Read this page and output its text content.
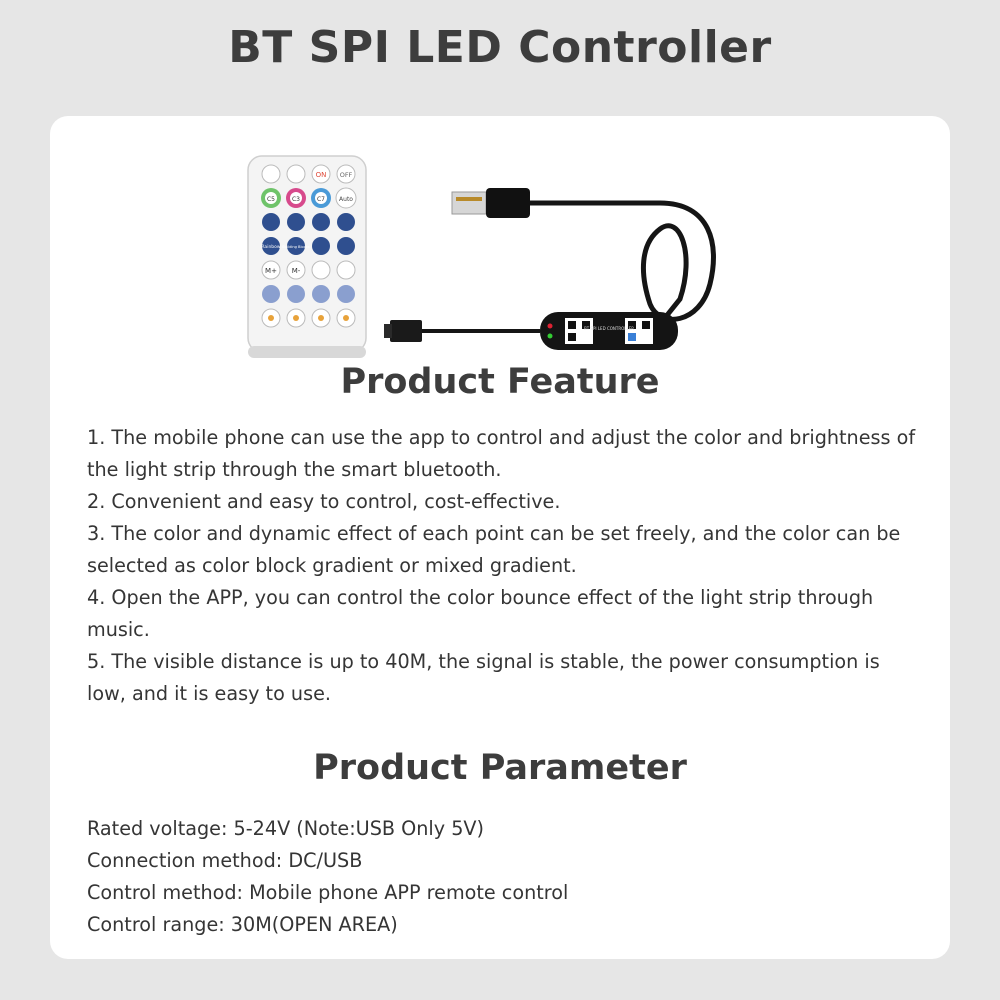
BT SPI LED Controller
ON OFF
C5	C3	C7 Auto
Rainbow Building Blocks
M+ M-
BT SPI LED CONTROLLER
Product Feature

1. The mobile phone can use the app to control and adjust the color and brightness of the light strip through the smart bluetooth.

2. Convenient and easy to control, cost-effective.

3. The color and dynamic effect of each point can be set freely, and the color can be selected as color block gradient or mixed gradient.

4. Open the APP, you can control the color bounce effect of the light strip through music.

5. The visible distance is up to 40M, the signal is stable, the power consumption is low, and it is easy to use.

Product Parameter

Rated voltage: 5-24V (Note:USB Only 5V)

Connection method: DC/USB

Control method: Mobile phone APP remote control

Control range: 30M(OPEN AREA)
